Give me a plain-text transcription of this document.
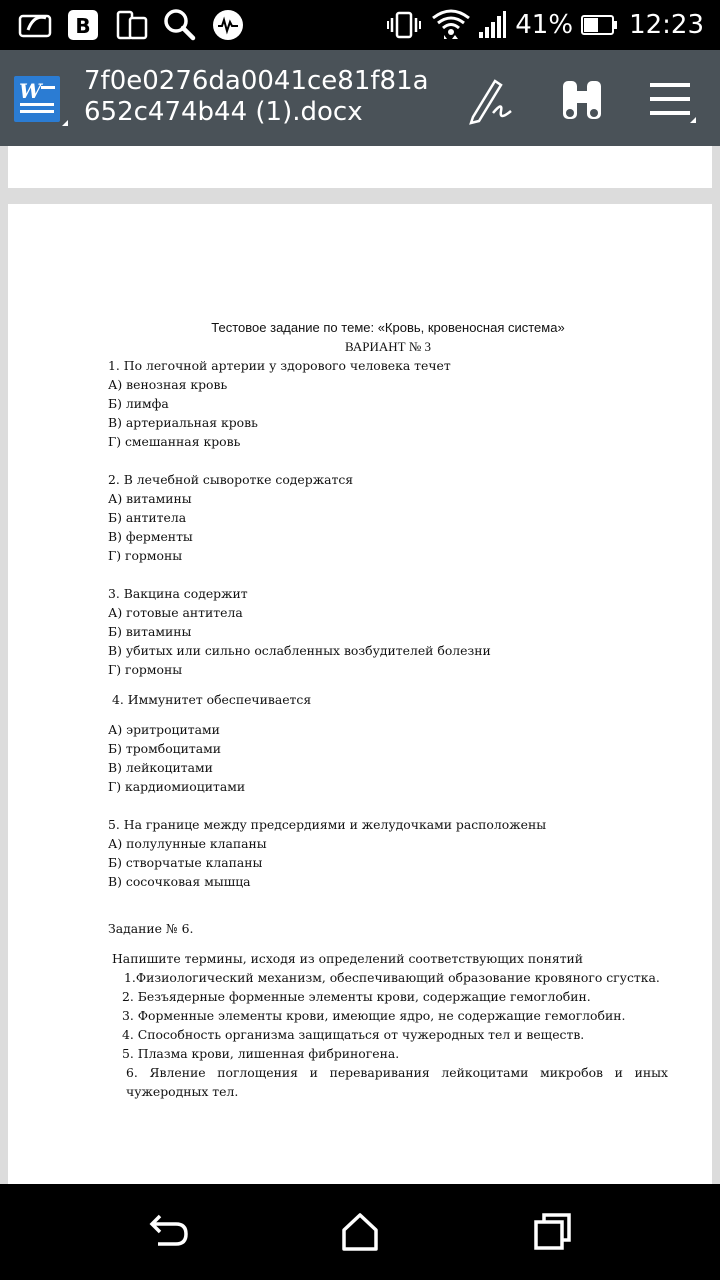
B	41% 12:23
W 7f0e0276da0041ce81f81a652c474b44 (1).docx
Тестовое задание по теме: «Кровь, кровеносная система»
ВАРИАНТ № 3
1. По легочной артерии у здорового человека течет
А) венозная кровь
Б) лимфа
В) артериальная кровь
Г) смешанная кровь
2. В лечебной сыворотке содержатся
А) витамины
Б) антитела
В) ферменты
Г) гормоны
3. Вакцина содержит
А) готовые антитела
Б) витамины
В) убитых или сильно ослабленных возбудителей болезни
Г) гормоны
4. Иммунитет обеспечивается
А) эритроцитами
Б) тромбоцитами
В) лейкоцитами
Г) кардиомиоцитами
5. На границе между предсердиями и желудочками расположены
А) полулунные клапаны
Б) створчатые клапаны
В) сосочковая мышца
Задание № 6.
Напишите термины, исходя из определений соответствующих понятий
1.Физиологический механизм, обеспечивающий образование кровяного сгустка.
2. Безъядерные форменные элементы крови, содержащие гемоглобин.
3. Форменные элементы крови, имеющие ядро, не содержащие гемоглобин.
4. Способность организма защищаться от чужеродных тел и веществ.
5. Плазма крови, лишенная фибриногена.
6. Явление поглощения и переваривания лейкоцитами микробов и иных чужеродных тел.
